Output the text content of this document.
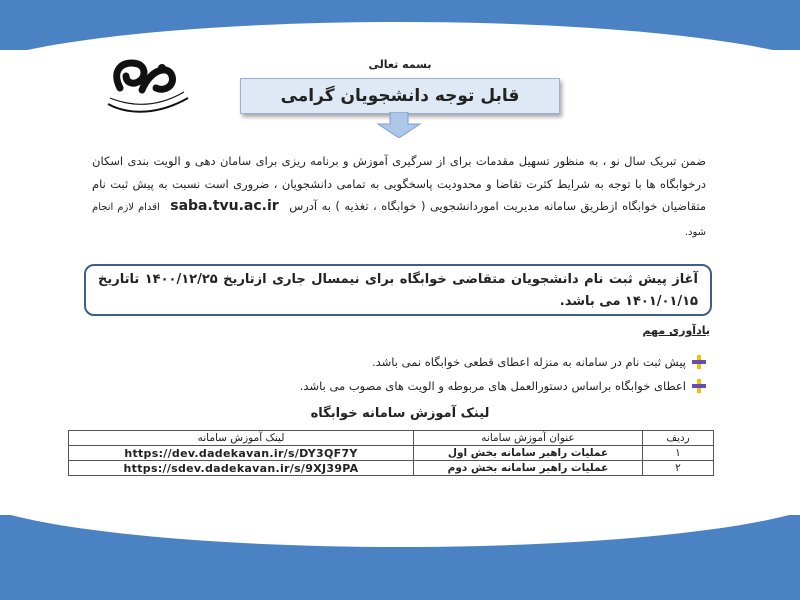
بسمه تعالی
قابل توجه دانشجویان گرامی
ضمن تبریک سال نو ، به منظور تسهیل مقدمات برای از سرگیری آموزش و برنامه ریزی برای سامان دهی و الویت بندی اسکان درخوابگاه ها با توجه به شرایط کثرت تقاضا و محدودیت پاسخگویی به تمامی دانشجویان ، ضروری است نسبت به پیش ثبت نام متقاضیان خوابگاه ازطریق سامانه مدیریت اموردانشجویی ( خوابگاه ، تغذیه ) به آدرس saba.tvu.ac.ir اقدام لازم انجام شود.
آغاز پیش ثبت نام دانشجویان متقاضی خوابگاه برای نیمسال جاری ازتاریخ ۱۴۰۰/۱۲/۲۵ تاتاریخ ۱۴۰۱/۰۱/۱۵ می باشد.
یادآوری مهم
پیش ثبت نام در سامانه به منزله اعطای قطعی خوابگاه نمی باشد.
اعطای خوابگاه براساس دستورالعمل های مربوطه و الویت های مصوب می باشد.
لینک آموزش سامانه خوابگاه
ردیف	عنوان آموزش سامانه	لینک آموزش سامانه
۱	عملیات راهبر سامانه بخش اول	https://dev.dadekavan.ir/s/DY3QF7Y
۲	عملیات راهبر سامانه بخش دوم	https://sdev.dadekavan.ir/s/9XJ39PA
